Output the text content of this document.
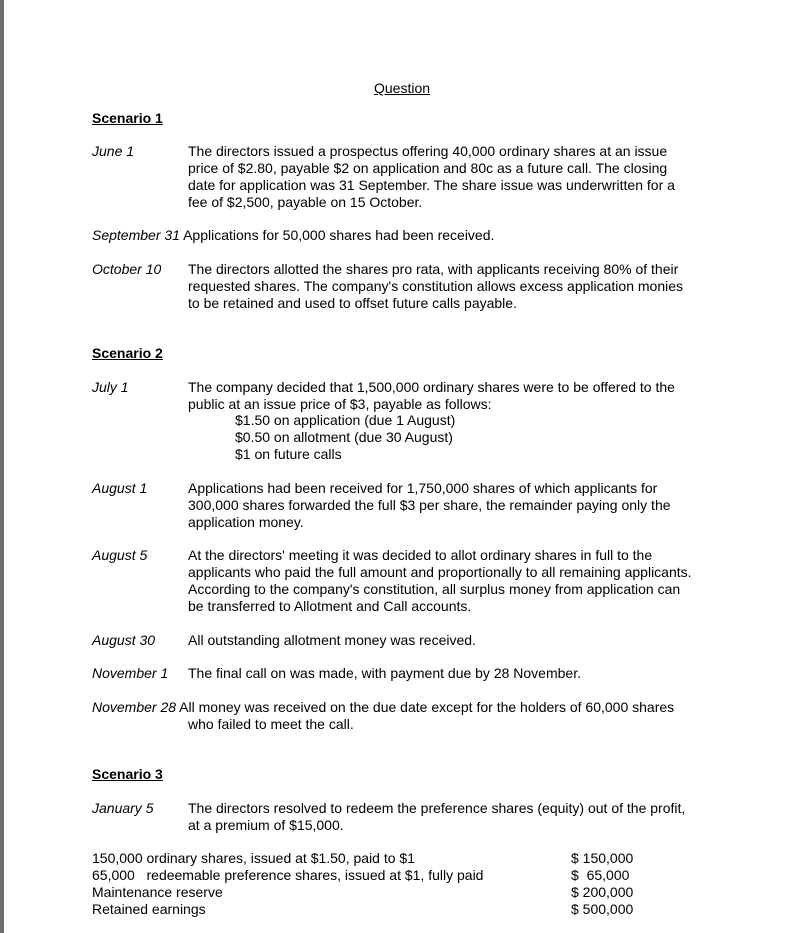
Question
Scenario 1
June 1	The directors issued a prospectus offering 40,000 ordinary shares at an issue
price of $2.80, payable $2 on application and 80c as a future call. The closing
date for application was 31 September. The share issue was underwritten for a
fee of $2,500, payable on 15 October.
September 31 Applications for 50,000 shares had been received.
October 10 The directors allotted the shares pro rata, with applicants receiving 80% of their
requested shares. The company's constitution allows excess application monies
to be retained and used to offset future calls payable.
Scenario 2
July 1	The company decided that 1,500,000 ordinary shares were to be offered to the
public at an issue price of $3, payable as follows:
$1.50 on application (due 1 August)
$0.50 on allotment (due 30 August)
$1 on future calls
August 1	Applications had been received for 1,750,000 shares of which applicants for
300,000 shares forwarded the full $3 per share, the remainder paying only the
application money.
August 5	At the directors' meeting it was decided to allot ordinary shares in full to the
applicants who paid the full amount and proportionally to all remaining applicants.
According to the company's constitution, all surplus money from application can
be transferred to Allotment and Call accounts.
August 30 All outstanding allotment money was received.
November 1 The final call on was made, with payment due by 28 November.
November 28 All money was received on the due date except for the holders of 60,000 shares
who failed to meet the call.
Scenario 3
January 5 The directors resolved to redeem the preference shares (equity) out of the profit,
at a premium of $15,000.
150,000 ordinary shares, issued at $1.50, paid to $1	$ 150,000
65,000   redeemable preference shares, issued at $1, fully paid	$  65,000
Maintenance reserve	$ 200,000
Retained earnings	$ 500,000
